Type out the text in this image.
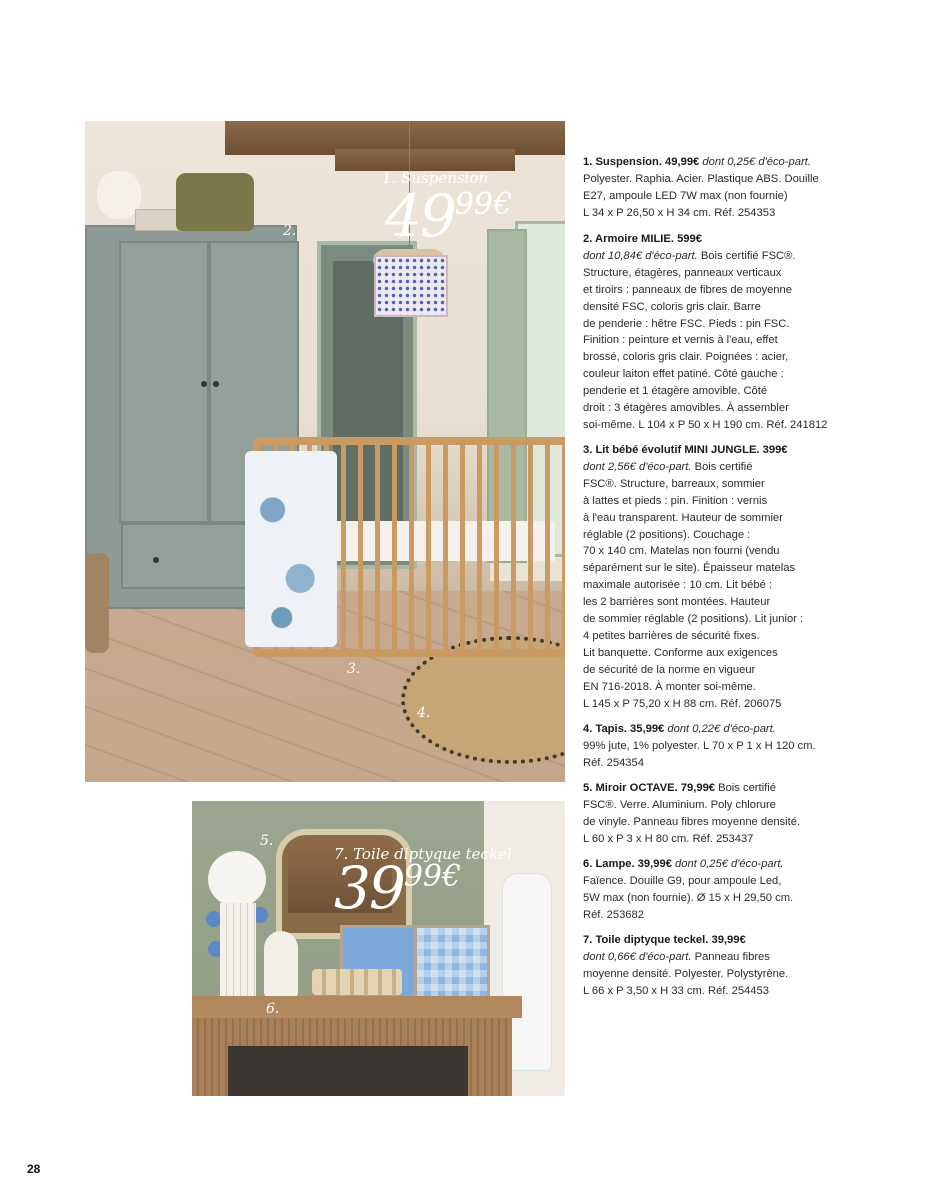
1. Suspension
$49^{99€}$
2.
3.
4.
5.
6.
7. Toile diptyque teckel
$39^{99€}$

1. Suspension. 49,99€ dont 0,25€ d'éco-part.

Polyester. Raphia. Acier. Plastique ABS. Douille

E27, ampoule LED 7W max (non fournie)

L 34 x P 26,50 x H 34 cm. Réf. 254353

2. Armoire MILIE. 599€

dont 10,84€ d'éco-part. Bois certifié FSC®.

Structure, étagères, panneaux verticaux

et tiroirs : panneaux de fibres de moyenne

densité FSC, coloris gris clair. Barre

de penderie : hêtre FSC. Pieds : pin FSC.

Finition : peinture et vernis à l'eau, effet

brossé, coloris gris clair. Poignées : acier,

couleur laiton effet patiné. Côté gauche :

penderie et 1 étagère amovible. Côté

droit : 3 étagères amovibles. À assembler

soi-même. L 104 x P 50 x H 190 cm. Réf. 241812

3. Lit bébé évolutif MINI JUNGLE. 399€

dont 2,56€ d'éco-part. Bois certifié

FSC®. Structure, barreaux, sommier

à lattes et pieds : pin. Finition : vernis

à l'eau transparent. Hauteur de sommier

réglable (2 positions). Couchage :

70 x 140 cm. Matelas non fourni (vendu

séparément sur le site). Épaisseur matelas

maximale autorisée : 10 cm. Lit bébé :

les 2 barrières sont montées. Hauteur

de sommier réglable (2 positions). Lit junior :

4 petites barrières de sécurité fixes.

Lit banquette. Conforme aux exigences

de sécurité de la norme en vigueur

EN 716-2018. À monter soi-même.

L 145 x P 75,20 x H 88 cm. Réf. 206075

4. Tapis. 35,99€ dont 0,22€ d'éco-part.

99% jute, 1% polyester. L 70 x P 1 x H 120 cm.

Réf. 254354

5. Miroir OCTAVE. 79,99€ Bois certifié

FSC®. Verre. Aluminium. Poly chlorure

de vinyle. Panneau fibres moyenne densité.

L 60 x P 3 x H 80 cm. Réf. 253437

6. Lampe. 39,99€ dont 0,25€ d'éco-part.

Faïence. Douille G9, pour ampoule Led,

5W max (non fournie). Ø 15 x H 29,50 cm.

Réf. 253682

7. Toile diptyque teckel. 39,99€

dont 0,66€ d'éco-part. Panneau fibres

moyenne densité. Polyester. Polystyrène.

L 66 x P 3,50 x H 33 cm. Réf. 254453

28
